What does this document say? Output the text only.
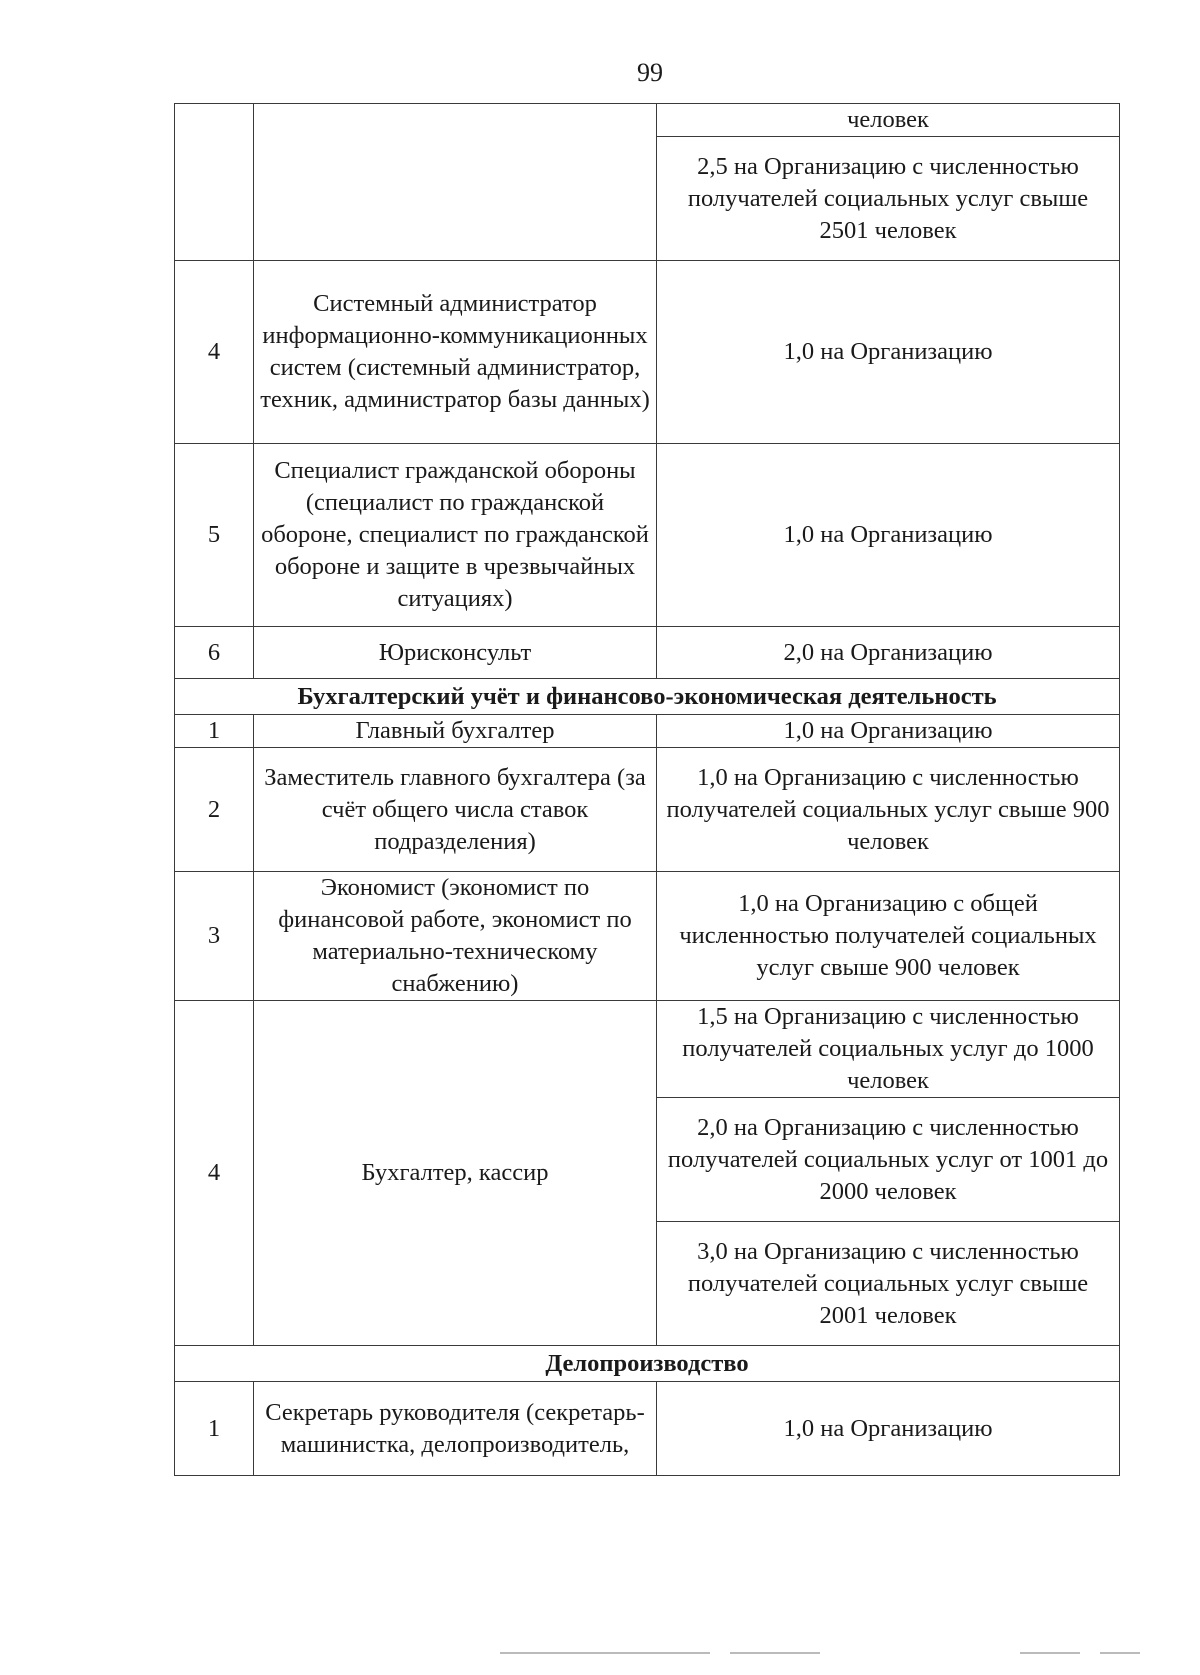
99
		человек
		2,5 на Организацию с численностью получателей социальных услуг свыше 2501 человек
4	Системный администратор информационно-коммуникационных систем (системный администратор, техник, администратор базы данных)	1,0 на Организацию
5	Специалист гражданской обороны (специалист по гражданской обороне, специалист по гражданской обороне и защите в чрезвычайных ситуациях)	1,0 на Организацию
6	Юрисконсульт	2,0 на Организацию
Бухгалтерский учёт и финансово-экономическая деятельность		
1	Главный бухгалтер	1,0 на Организацию
2	Заместитель главного бухгалтера (за счёт общего числа ставок подразделения)	1,0 на Организацию с численностью получателей социальных услуг свыше 900 человек
3	Экономист (экономист по финансовой работе, экономист по материально-техническому снабжению)	1,0 на Организацию с общей численностью получателей социальных услуг свыше 900 человек
4	Бухгалтер, кассир	1,5 на Организацию с численностью получателей социальных услуг до 1000 человек
		2,0 на Организацию с численностью получателей социальных услуг от 1001 до 2000 человек
		3,0 на Организацию с численностью получателей социальных услуг свыше 2001 человек
Делопроизводство		
1	Секретарь руководителя (секретарь-машинистка, делопроизводитель,	1,0 на Организацию
